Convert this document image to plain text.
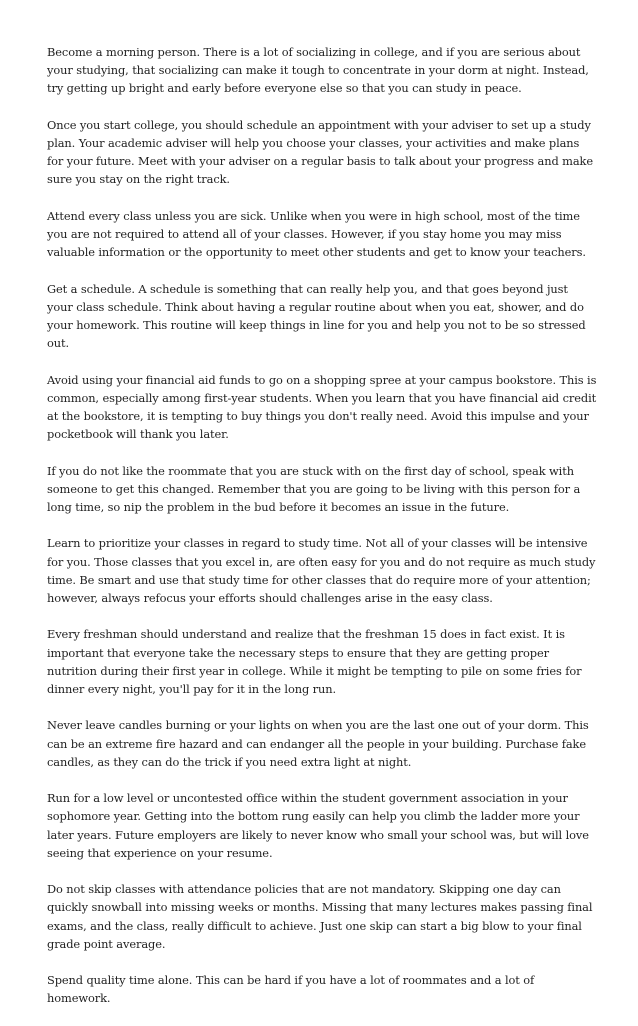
Become a morning person. There is a lot of socializing in college, and if you are serious about your studying, that socializing can make it tough to concentrate in your dorm at night. Instead, try getting up bright and early before everyone else so that you can study in peace.

Once you start college, you should schedule an appointment with your adviser to set up a study plan. Your academic adviser will help you choose your classes, your activities and make plans for your future. Meet with your adviser on a regular basis to talk about your progress and make sure you stay on the right track.

Attend every class unless you are sick. Unlike when you were in high school, most of the time you are not required to attend all of your classes. However, if you stay home you may miss valuable information or the opportunity to meet other students and get to know your teachers.

Get a schedule. A schedule is something that can really help you, and that goes beyond just your class schedule. Think about having a regular routine about when you eat, shower, and do your homework. This routine will keep things in line for you and help you not to be so stressed out.

Avoid using your financial aid funds to go on a shopping spree at your campus bookstore. This is common, especially among first-year students. When you learn that you have financial aid credit at the bookstore, it is tempting to buy things you don't really need. Avoid this impulse and your pocketbook will thank you later.

If you do not like the roommate that you are stuck with on the first day of school, speak with someone to get this changed. Remember that you are going to be living with this person for a long time, so nip the problem in the bud before it becomes an issue in the future.

Learn to prioritize your classes in regard to study time. Not all of your classes will be intensive for you. Those classes that you excel in, are often easy for you and do not require as much study time. Be smart and use that study time for other classes that do require more of your attention; however, always refocus your efforts should challenges arise in the easy class.

Every freshman should understand and realize that the freshman 15 does in fact exist. It is important that everyone take the necessary steps to ensure that they are getting proper nutrition during their first year in college. While it might be tempting to pile on some fries for dinner every night, you'll pay for it in the long run.

Never leave candles burning or your lights on when you are the last one out of your dorm. This can be an extreme fire hazard and can endanger all the people in your building. Purchase fake candles, as they can do the trick if you need extra light at night.

Run for a low level or uncontested office within the student government association in your sophomore year. Getting into the bottom rung easily can help you climb the ladder more your later years. Future employers are likely to never know who small your school was, but will love seeing that experience on your resume.

Do not skip classes with attendance policies that are not mandatory. Skipping one day can quickly snowball into missing weeks or months. Missing that many lectures makes passing final exams, and the class, really difficult to achieve. Just one skip can start a big blow to your final grade point average.

Spend quality time alone. This can be hard if you have a lot of roommates and a lot of homework.
